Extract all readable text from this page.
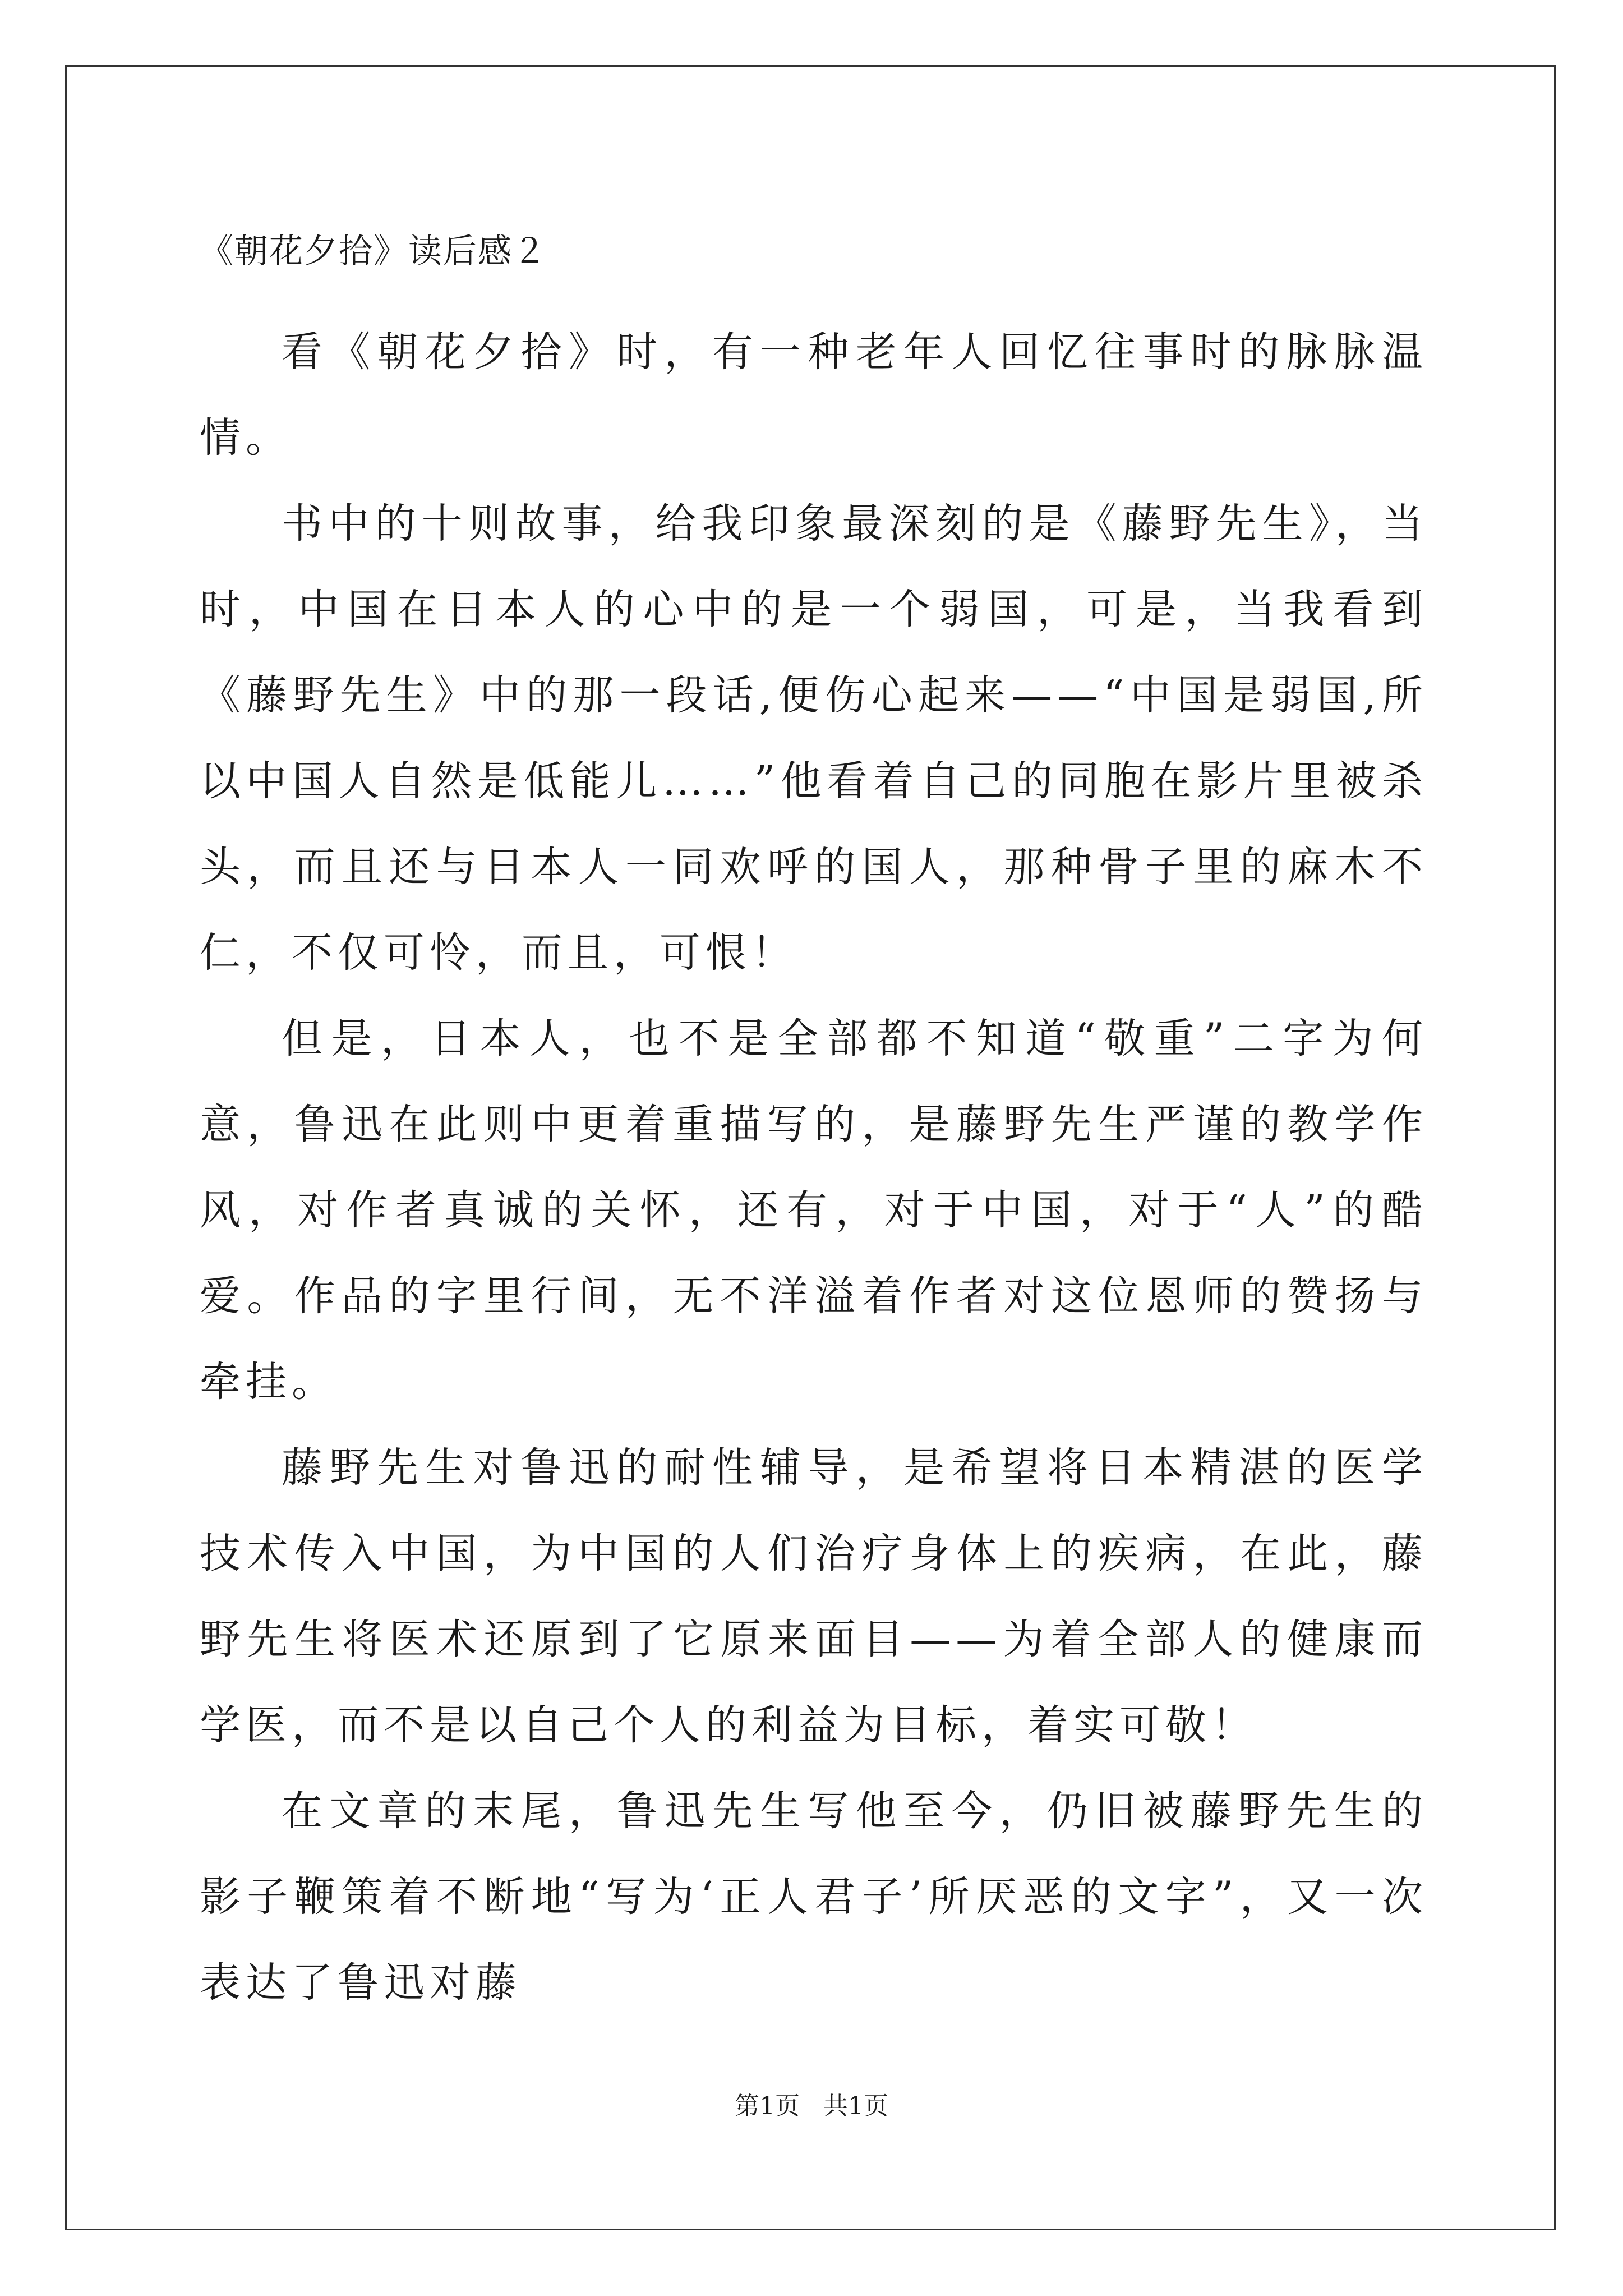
《朝花夕拾》读后感２

看《朝花夕拾》时，有一种老年人回忆往事时的脉脉温情。

书中的十则故事，给我印象最深刻的是《藤野先生》，当时，中国在日本人的心中的是一个弱国，可是，当我看到《藤野先生》中的那一段话,便伤心起来——“中国是弱国,所以中国人自然是低能儿……”他看着自己的同胞在影片里被杀头，而且还与日本人一同欢呼的国人，那种骨子里的麻木不仁，不仅可怜，而且，可恨！

但是，日本人，也不是全部都不知道“敬重”二字为何意，鲁迅在此则中更着重描写的，是藤野先生严谨的教学作风，对作者真诚的关怀，还有，对于中国，对于“人”的酷爱。作品的字里行间，无不洋溢着作者对这位恩师的赞扬与牵挂。

藤野先生对鲁迅的耐性辅导，是希望将日本精湛的医学技术传入中国，为中国的人们治疗身体上的疾病，在此，藤野先生将医术还原到了它原来面目——为着全部人的健康而学医，而不是以自己个人的利益为目标，着实可敬！

在文章的末尾，鲁迅先生写他至今，仍旧被藤野先生的影子鞭策着不断地“写为‘正人君子’所厌恶的文字”，又一次表达了鲁迅对藤

第1页   共1页
